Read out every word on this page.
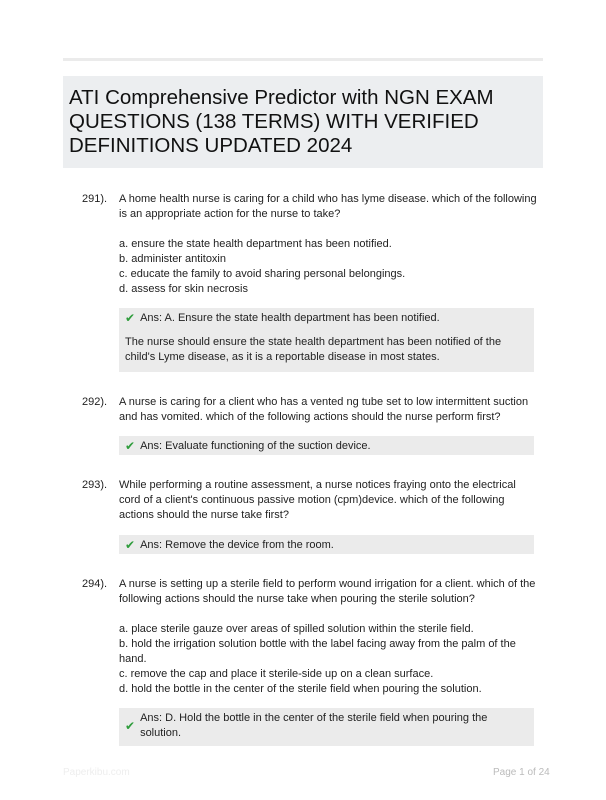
ATI Comprehensive Predictor with NGN EXAM QUESTIONS (138 TERMS) WITH VERIFIED DEFINITIONS UPDATED 2024
291). A home health nurse is caring for a child who has lyme disease. which of the following is an appropriate action for the nurse to take?

a. ensure the state health department has been notified.
b. administer antitoxin
c. educate the family to avoid sharing personal belongings.
d. assess for skin necrosis
✔ Ans: A. Ensure the state health department has been notified.
The nurse should ensure the state health department has been notified of the child's Lyme disease, as it is a reportable disease in most states.
292). A nurse is caring for a client who has a vented ng tube set to low intermittent suction and has vomited. which of the following actions should the nurse perform first?

✔ Ans: Evaluate functioning of the suction device.
293). While performing a routine assessment, a nurse notices fraying onto the electrical cord of a client's continuous passive motion (cpm)device. which of the following actions should the nurse take first?

✔ Ans: Remove the device from the room.
294). A nurse is setting up a sterile field to perform wound irrigation for a client. which of the following actions should the nurse take when pouring the sterile solution?

a. place sterile gauze over areas of spilled solution within the sterile field.
b. hold the irrigation solution bottle with the label facing away from the palm of the hand.
c. remove the cap and place it sterile-side up on a clean surface.
d. hold the bottle in the center of the sterile field when pouring the solution.
✔
Ans: D. Hold the bottle in the center of the sterile field when pouring the solution.
Paperkibu.com	Page 1 of 24
